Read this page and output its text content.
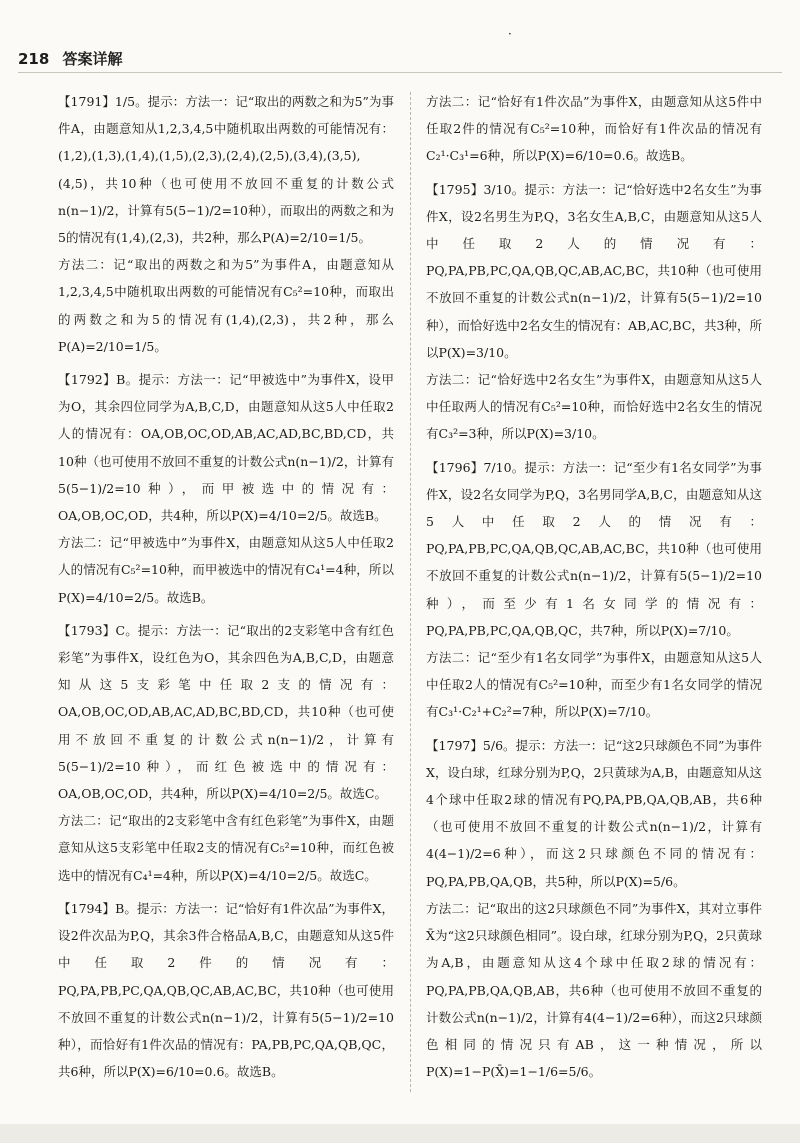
·
218 答案详解
【1791】1/5。提示：方法一：记“取出的两数之和为5”为事件A，由题意知从1,2,3,4,5中随机取出两数的可能情况有：(1,2),(1,3),(1,4),(1,5),(2,3),(2,4),(2,5),(3,4),(3,5),(4,5)，共10种（也可使用不放回不重复的计数公式n(n−1)/2，计算有5(5−1)/2=10种），而取出的两数之和为5的情况有(1,4),(2,3)，共2种，那么P(A)=2/10=1/5。
方法二：记“取出的两数之和为5”为事件A，由题意知从1,2,3,4,5中随机取出两数的可能情况有C₅²=10种，而取出的两数之和为5的情况有(1,4),(2,3)，共2种，那么P(A)=2/10=1/5。
【1792】B。提示：方法一：记“甲被选中”为事件X，设甲为O，其余四位同学为A,B,C,D，由题意知从这5人中任取2人的情况有：OA,OB,OC,OD,AB,AC,AD,BC,BD,CD，共10种（也可使用不放回不重复的计数公式n(n−1)/2，计算有5(5−1)/2=10种），而甲被选中的情况有：OA,OB,OC,OD，共4种，所以P(X)=4/10=2/5。故选B。
方法二：记“甲被选中”为事件X，由题意知从这5人中任取2人的情况有C₅²=10种，而甲被选中的情况有C₄¹=4种，所以P(X)=4/10=2/5。故选B。
【1793】C。提示：方法一：记“取出的2支彩笔中含有红色彩笔”为事件X，设红色为O，其余四色为A,B,C,D，由题意知从这5支彩笔中任取2支的情况有：OA,OB,OC,OD,AB,AC,AD,BC,BD,CD，共10种（也可使用不放回不重复的计数公式n(n−1)/2，计算有5(5−1)/2=10种），而红色被选中的情况有：OA,OB,OC,OD，共4种，所以P(X)=4/10=2/5。故选C。
方法二：记“取出的2支彩笔中含有红色彩笔”为事件X，由题意知从这5支彩笔中任取2支的情况有C₅²=10种，而红色被选中的情况有C₄¹=4种，所以P(X)=4/10=2/5。故选C。
【1794】B。提示：方法一：记“恰好有1件次品”为事件X，设2件次品为P,Q，其余3件合格品A,B,C，由题意知从这5件中任取2件的情况有：PQ,PA,PB,PC,QA,QB,QC,AB,AC,BC，共10种（也可使用不放回不重复的计数公式n(n−1)/2，计算有5(5−1)/2=10种），而恰好有1件次品的情况有：PA,PB,PC,QA,QB,QC，共6种，所以P(X)=6/10=0.6。故选B。
方法二：记“恰好有1件次品”为事件X，由题意知从这5件中任取2件的情况有C₅²=10种，而恰好有1件次品的情况有C₂¹·C₃¹=6种，所以P(X)=6/10=0.6。故选B。
【1795】3/10。提示：方法一：记“恰好选中2名女生”为事件X，设2名男生为P,Q，3名女生A,B,C，由题意知从这5人中任取2人的情况有：PQ,PA,PB,PC,QA,QB,QC,AB,AC,BC，共10种（也可使用不放回不重复的计数公式n(n−1)/2，计算有5(5−1)/2=10种），而恰好选中2名女生的情况有：AB,AC,BC，共3种，所以P(X)=3/10。
方法二：记“恰好选中2名女生”为事件X，由题意知从这5人中任取两人的情况有C₅²=10种，而恰好选中2名女生的情况有C₃²=3种，所以P(X)=3/10。
【1796】7/10。提示：方法一：记“至少有1名女同学”为事件X，设2名女同学为P,Q，3名男同学A,B,C，由题意知从这5人中任取2人的情况有：PQ,PA,PB,PC,QA,QB,QC,AB,AC,BC，共10种（也可使用不放回不重复的计数公式n(n−1)/2，计算有5(5−1)/2=10种），而至少有1名女同学的情况有：PQ,PA,PB,PC,QA,QB,QC，共7种，所以P(X)=7/10。
方法二：记“至少有1名女同学”为事件X，由题意知从这5人中任取2人的情况有C₅²=10种，而至少有1名女同学的情况有C₃¹·C₂¹+C₂²=7种，所以P(X)=7/10。
【1797】5/6。提示：方法一：记“这2只球颜色不同”为事件X，设白球，红球分别为P,Q，2只黄球为A,B，由题意知从这4个球中任取2球的情况有PQ,PA,PB,QA,QB,AB，共6种（也可使用不放回不重复的计数公式n(n−1)/2，计算有4(4−1)/2=6种），而这2只球颜色不同的情况有：PQ,PA,PB,QA,QB，共5种，所以P(X)=5/6。
方法二：记“取出的这2只球颜色不同”为事件X，其对立事件X̄为“这2只球颜色相同”。设白球，红球分别为P,Q，2只黄球为A,B，由题意知从这4个球中任取2球的情况有：PQ,PA,PB,QA,QB,AB，共6种（也可使用不放回不重复的计数公式n(n−1)/2，计算有4(4−1)/2=6种），而这2只球颜色相同的情况只有AB，这一种情况，所以P(X)=1−P(X̄)=1−1/6=5/6。
